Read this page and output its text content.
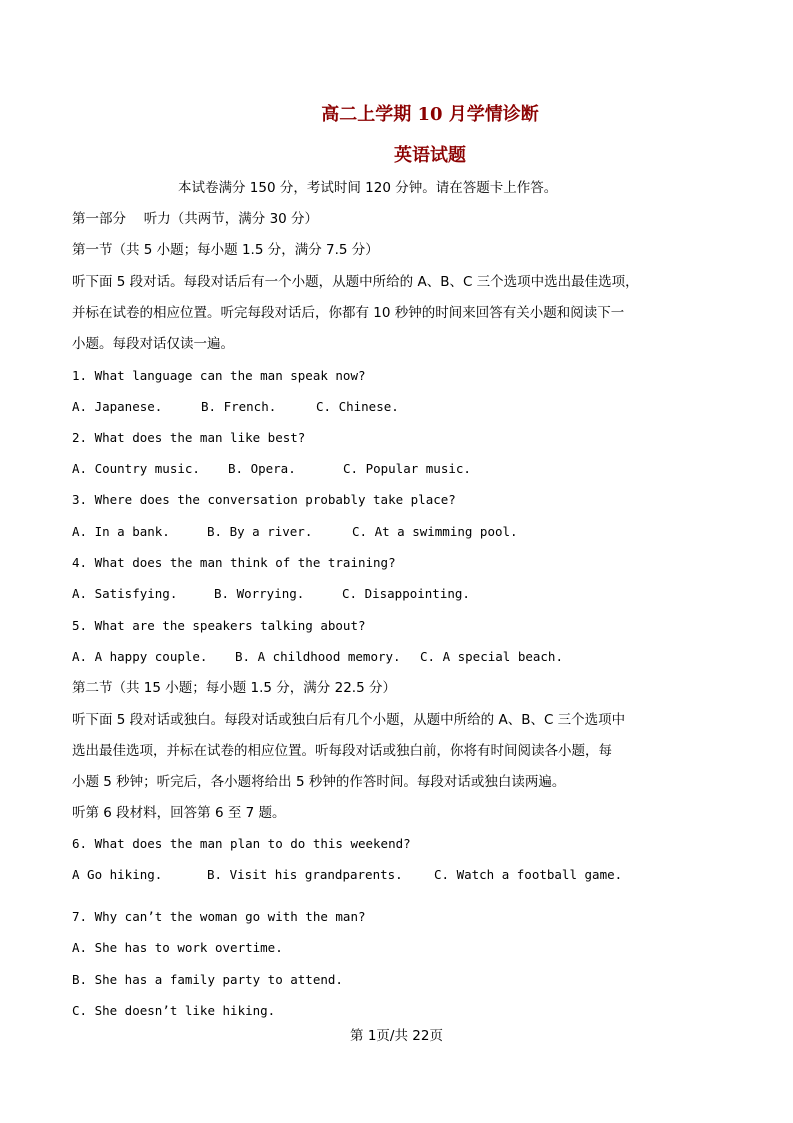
高二上学期 10 月学情诊断
英语试题
本试卷满分 150 分，考试时间 120 分钟。请在答题卡上作答。
第一部分　 听力（共两节，满分 30 分）
第一节（共 5 小题；每小题 1.5 分，满分 7.5 分）
听下面 5 段对话。每段对话后有一个小题，从题中所给的 A、B、C 三个选项中选出最佳选项，
并标在试卷的相应位置。听完每段对话后，你都有 10 秒钟的时间来回答有关小题和阅读下一
小题。每段对话仅读一遍。
1. What language can the man speak now?
A. Japanese.	B. French.	C. Chinese.
2. What does the man like best?
A. Country music. B. Opera.	C. Popular music.
3. Where does the conversation probably take place?
A. In a bank.	B. By a river.	C. At a swimming pool.
4. What does the man think of the training?
A. Satisfying.	B. Worrying.	C. Disappointing.
5. What are the speakers talking about?
A. A happy couple. B. A childhood memory. C. A special beach.
第二节（共 15 小题；每小题 1.5 分，满分 22.5 分）
听下面 5 段对话或独白。每段对话或独白后有几个小题，从题中所给的 A、B、C 三个选项中
选出最佳选项，并标在试卷的相应位置。听每段对话或独白前，你将有时间阅读各小题，每
小题 5 秒钟；听完后，各小题将给出 5 秒钟的作答时间。每段对话或独白读两遍。
听第 6 段材料，回答第 6 至 7 题。
6. What does the man plan to do this weekend?
A Go hiking.	B. Visit his grandparents.	C. Watch a football game.
7. Why can’t the woman go with the man?
A. She has to work overtime.
B. She has a family party to attend.
C. She doesn’t like hiking.
第 1页/共 22页
